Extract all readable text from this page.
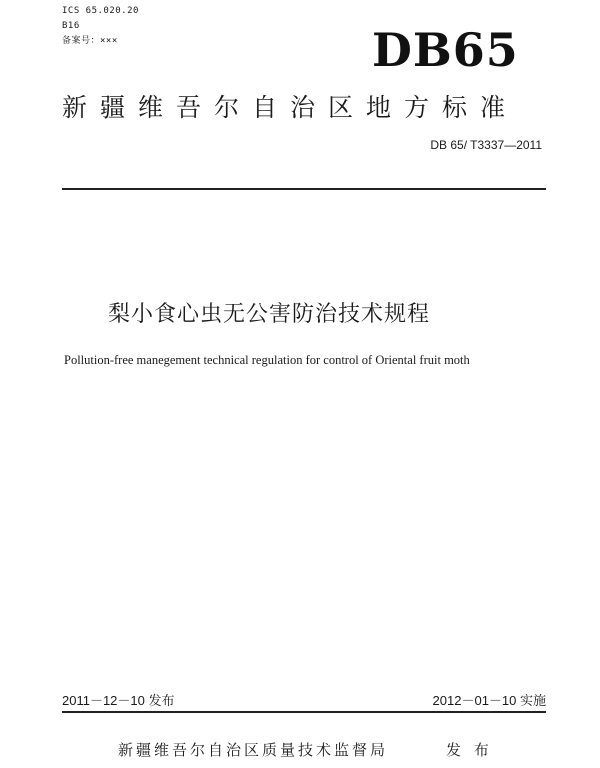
ICS 65.020.20
B16
备案号：×××	DB65
新疆维吾尔自治区地方标准
DB 65/ T3337—2011
梨小食心虫无公害防治技术规程
Pollution-free manegement technical regulation for control of Oriental fruit moth
2011－12－10 发布	2012－01－10 实施
新疆维吾尔自治区质量技术监督局	发 布
